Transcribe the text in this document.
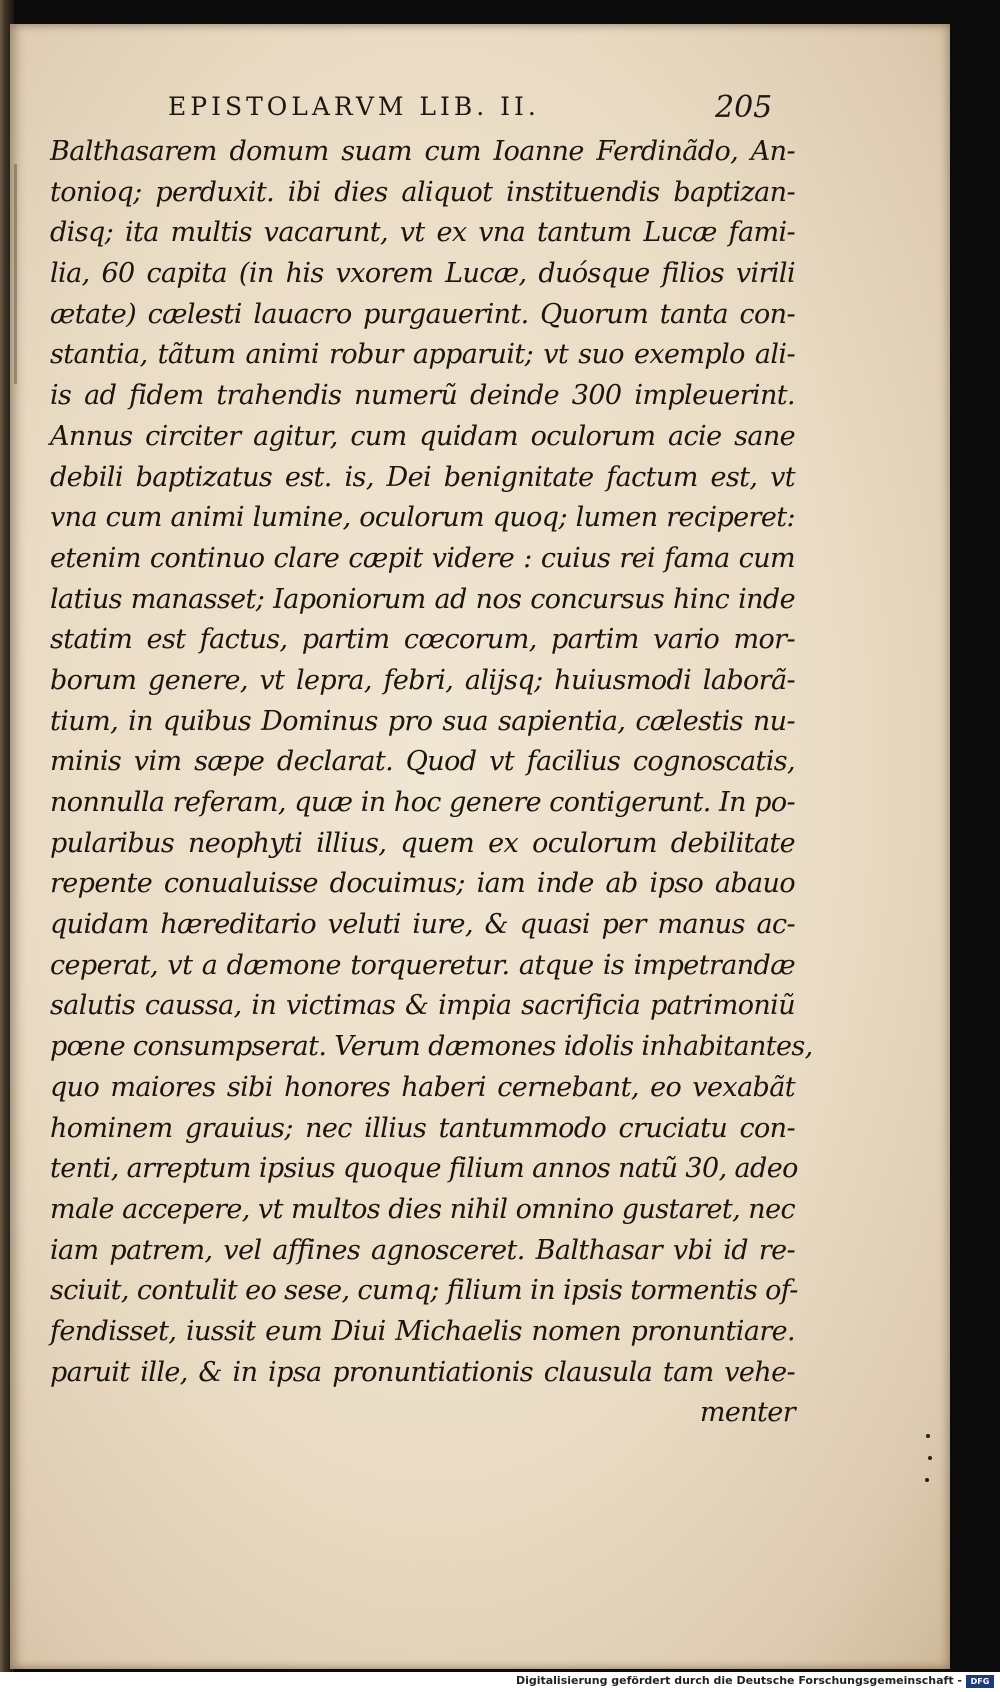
EPISTOLARVM LIB. II.	205
Balthasarem domum suam cum Ioanne Ferdinãdo, An-
tonioq; perduxit. ibi dies aliquot instituendis baptizan-
disq; ita multis vacarunt, vt ex vna tantum Lucæ fami-
lia, 60 capita (in his vxorem Lucæ, duósque filios virili
ætate) cælesti lauacro purgauerint. Quorum tanta con-
stantia, tãtum animi robur apparuit; vt suo exemplo ali-
is ad fidem trahendis numerũ deinde 300 impleuerint.
Annus circiter agitur, cum quidam oculorum acie sane
debili baptizatus est. is, Dei benignitate factum est, vt
vna cum animi lumine, oculorum quoq; lumen reciperet:
etenim continuo clare cæpit videre : cuius rei fama cum
latius manasset; Iaponiorum ad nos concursus hinc inde
statim est factus, partim cœcorum, partim vario mor-
borum genere, vt lepra, febri, alijsq; huiusmodi laborã-
tium, in quibus Dominus pro sua sapientia, cælestis nu-
minis vim sæpe declarat. Quod vt facilius cognoscatis,
nonnulla referam, quæ in hoc genere contigerunt. In po-
pularibus neophyti illius, quem ex oculorum debilitate
repente conualuisse docuimus; iam inde ab ipso abauo
quidam hæreditario veluti iure, & quasi per manus ac-
ceperat, vt a dæmone torqueretur. atque is impetrandæ
salutis caussa, in victimas & impia sacrificia patrimoniũ
pœne consumpserat. Verum dæmones idolis inhabitantes,
quo maiores sibi honores haberi cernebant, eo vexabãt
hominem grauius; nec illius tantummodo cruciatu con-
tenti, arreptum ipsius quoque filium annos natũ 30, adeo
male accepere, vt multos dies nihil omnino gustaret, nec
iam patrem, vel affines agnosceret. Balthasar vbi id re-
sciuit, contulit eo sese, cumq; filium in ipsis tormentis of-
fendisset, iussit eum Diui Michaelis nomen pronuntiare.
paruit ille, & in ipsa pronuntiationis clausula tam vehe-
menter
Digitalisierung gefördert durch die Deutsche Forschungsgemeinschaft -	DFG
